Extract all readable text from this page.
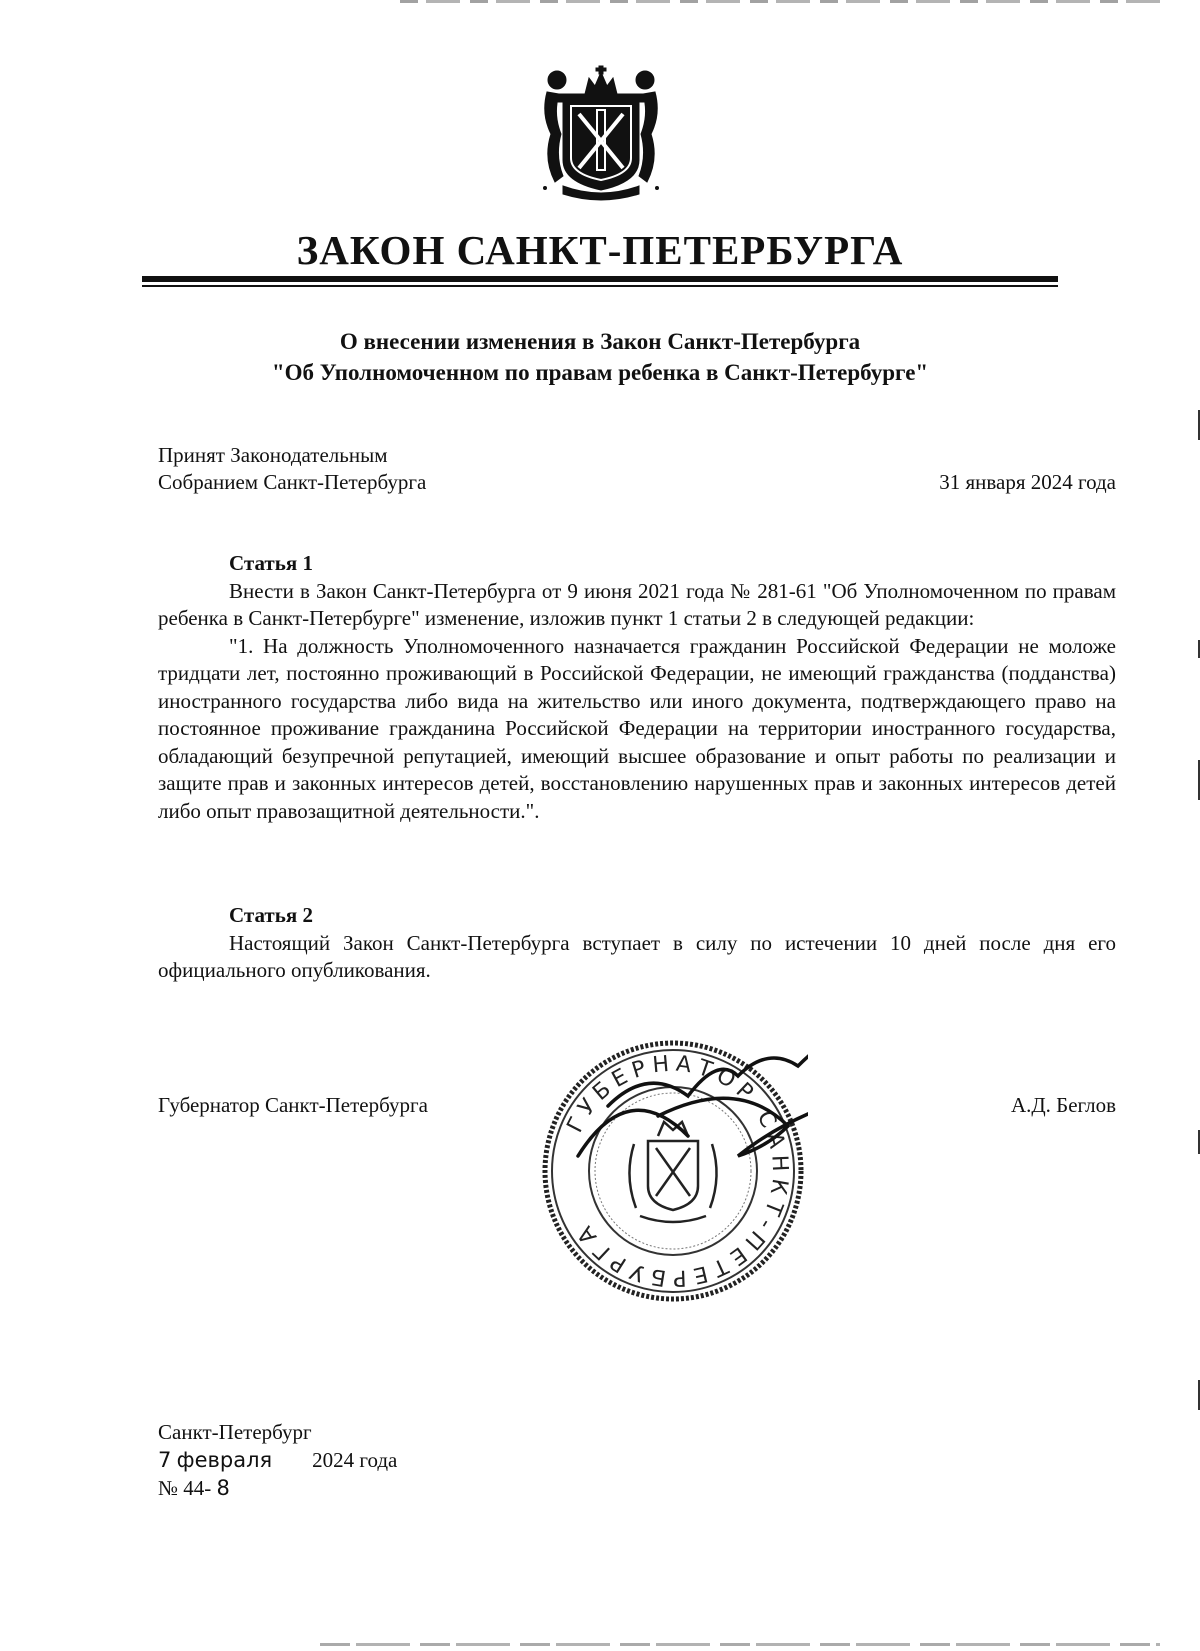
ЗАКОН САНКТ-ПЕТЕРБУРГА
О внесении изменения в Закон Санкт-Петербурга
"Об Уполномоченном по правам ребенка в Санкт-Петербурге"
Принят Законодательным
Собранием Санкт-Петербурга	31 января 2024 года
Статья 1

Внести в Закон Санкт-Петербурга от 9 июня 2021 года № 281-61 "Об Уполномоченном по правам ребенка в Санкт-Петербурге" изменение, изложив пункт 1 статьи 2 в следующей редакции:

"1. На должность Уполномоченного назначается гражданин Российской Федерации не моложе тридцати лет, постоянно проживающий в Российской Федерации, не имеющий гражданства (подданства) иностранного государства либо вида на жительство или иного документа, подтверждающего право на постоянное проживание гражданина Российской Федерации на территории иностранного государства, обладающий безупречной репутацией, имеющий высшее образование и опыт работы по реализации и защите прав и законных интересов детей, восстановлению нарушенных прав и законных интересов детей либо опыт правозащитной деятельности.".

Статья 2

Настоящий Закон Санкт-Петербурга вступает в силу по истечении 10 дней после дня его официального опубликования.

Губернатор Санкт-Петербурга	А.Д. Беглов
ГУБЕРНАТОР САНКТ-ПЕТЕРБУРГА
Санкт-Петербург
7 февраля 2024 года
№ 44- 8
